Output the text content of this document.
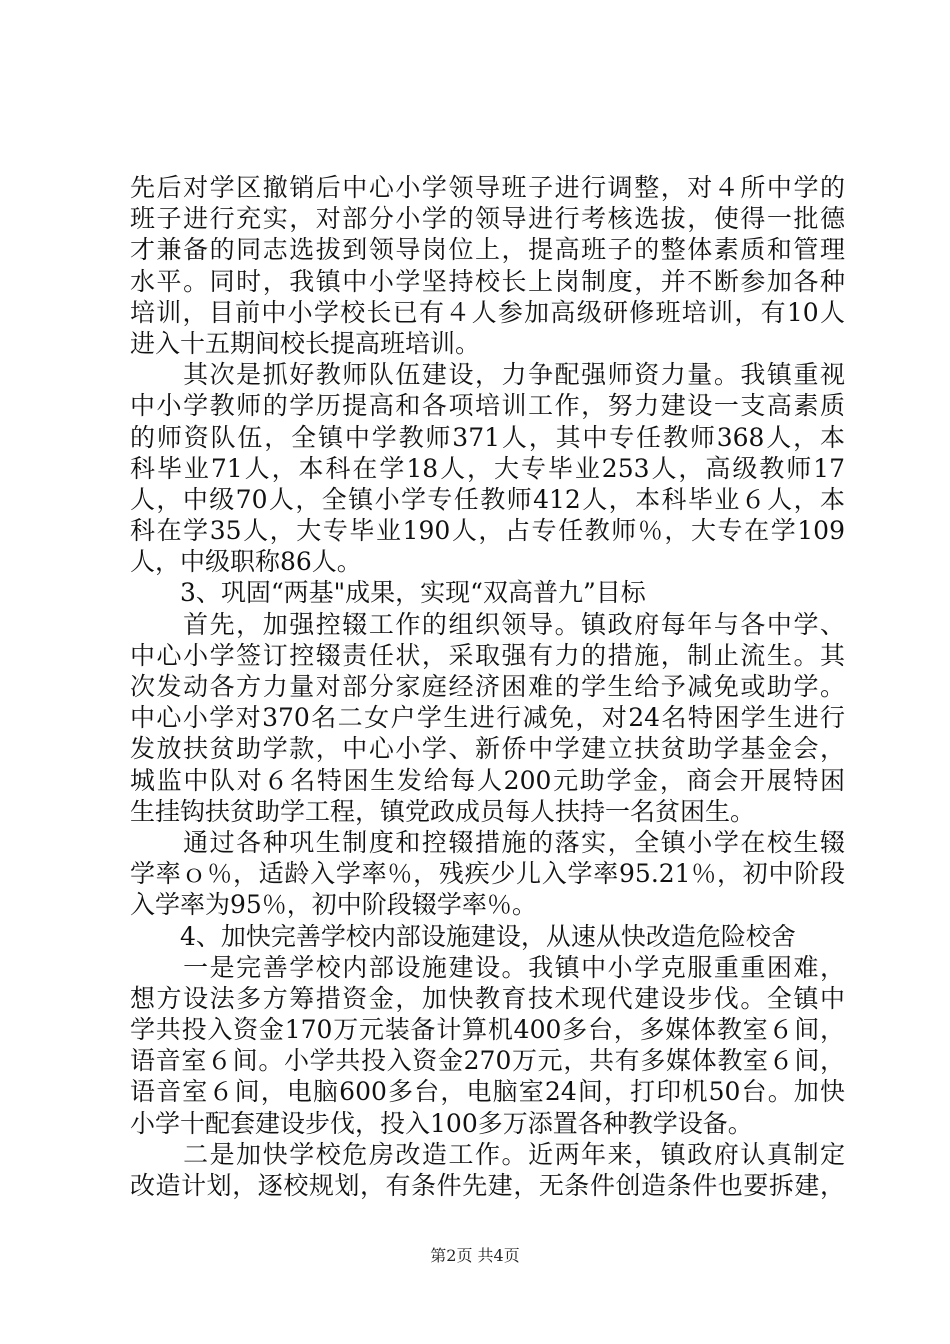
先后对学区撤销后中心小学领导班子进行调整，对４所中学的
班子进行充实，对部分小学的领导进行考核选拔，使得一批德
才兼备的同志选拔到领导岗位上，提高班子的整体素质和管理
水平。同时，我镇中小学坚持校长上岗制度，并不断参加各种
培训，目前中小学校长已有４人参加高级研修班培训，有10人
进入十五期间校长提高班培训。
　　其次是抓好教师队伍建设，力争配强师资力量。我镇重视
中小学教师的学历提高和各项培训工作，努力建设一支高素质
的师资队伍，全镇中学教师371人，其中专任教师368人，本
科毕业71人，本科在学18人，大专毕业253人，高级教师17
人，中级70人，全镇小学专任教师412人，本科毕业６人，本
科在学35人，大专毕业190人，占专任教师％，大专在学109
人，中级职称86人。
　　3、巩固“两基"成果，实现“双高普九”目标
　　首先，加强控辍工作的组织领导。镇政府每年与各中学、
中心小学签订控辍责任状，采取强有力的措施，制止流生。其
次发动各方力量对部分家庭经济困难的学生给予减免或助学。
中心小学对370名二女户学生进行减免，对24名特困学生进行
发放扶贫助学款，中心小学、新侨中学建立扶贫助学基金会，
城监中队对６名特困生发给每人200元助学金，商会开展特困
生挂钩扶贫助学工程，镇党政成员每人扶持一名贫困生。
　　通过各种巩生制度和控辍措施的落实，全镇小学在校生辍
学率ｏ％，适龄入学率％，残疾少儿入学率95.21％，初中阶段
入学率为95％，初中阶段辍学率％。
　　4、加快完善学校内部设施建设，从速从快改造危险校舍
　　一是完善学校内部设施建设。我镇中小学克服重重困难，
想方设法多方筹措资金，加快教育技术现代建设步伐。全镇中
学共投入资金170万元装备计算机400多台，多媒体教室６间，
语音室６间。小学共投入资金270万元，共有多媒体教室６间，
语音室６间，电脑600多台，电脑室24间，打印机50台。加快
小学十配套建设步伐，投入100多万添置各种教学设备。
　　二是加快学校危房改造工作。近两年来，镇政府认真制定
改造计划，逐校规划，有条件先建，无条件创造条件也要拆建，
第2页 共4页
